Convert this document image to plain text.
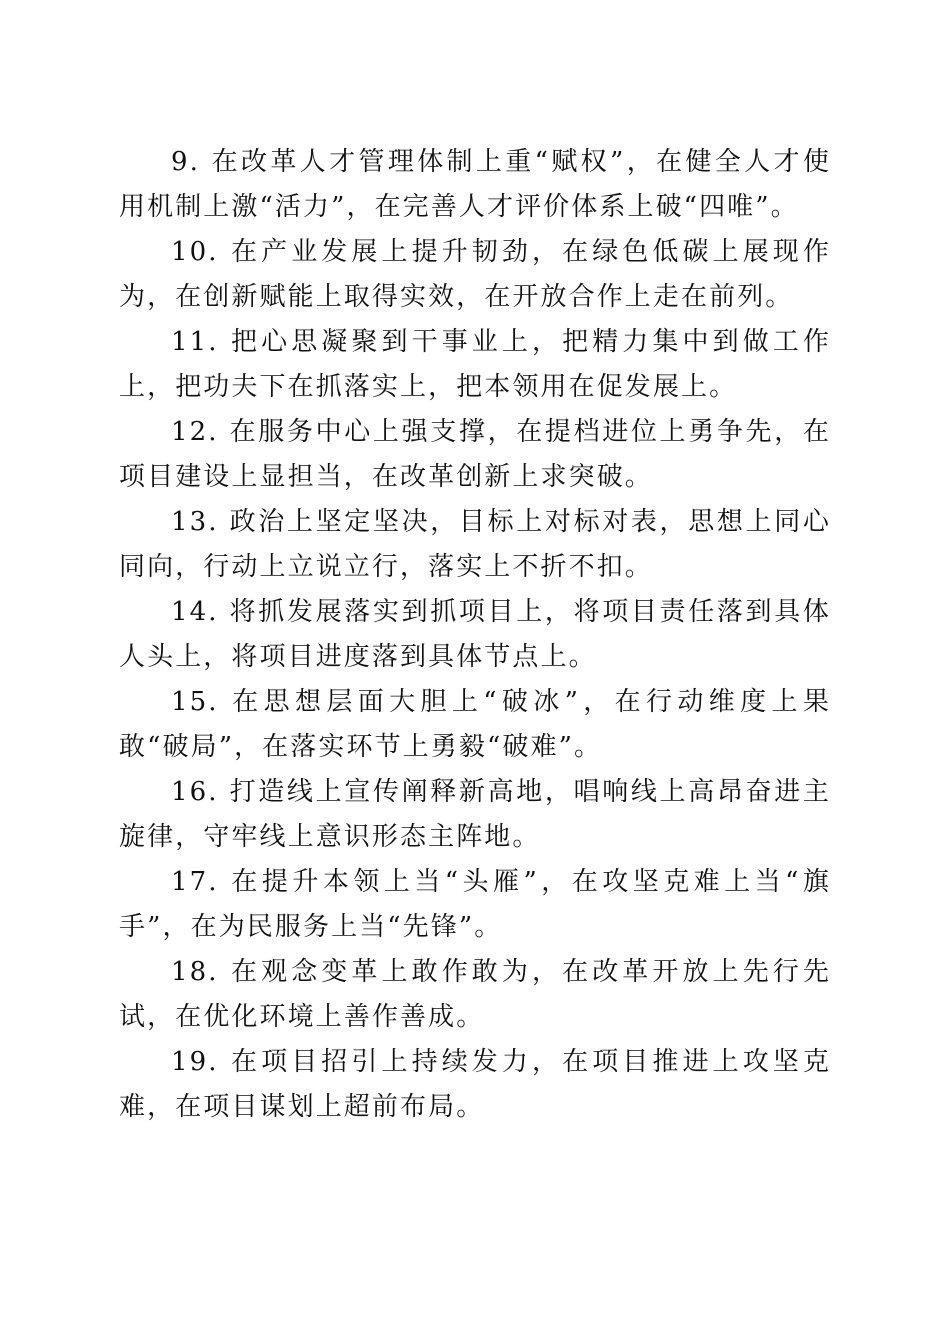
9. 在改革人才管理体制上重“赋权”，在健全人才使用机制上激“活力”，在完善人才评价体系上破“四唯”。

10. 在产业发展上提升韧劲，在绿色低碳上展现作为，在创新赋能上取得实效，在开放合作上走在前列。

11. 把心思凝聚到干事业上，把精力集中到做工作上，把功夫下在抓落实上，把本领用在促发展上。

12. 在服务中心上强支撑，在提档进位上勇争先，在项目建设上显担当，在改革创新上求突破。

13. 政治上坚定坚决，目标上对标对表，思想上同心同向，行动上立说立行，落实上不折不扣。

14. 将抓发展落实到抓项目上，将项目责任落到具体人头上，将项目进度落到具体节点上。

15. 在思想层面大胆上“破冰”，在行动维度上果敢“破局”，在落实环节上勇毅“破难”。

16. 打造线上宣传阐释新高地，唱响线上高昂奋进主旋律，守牢线上意识形态主阵地。

17. 在提升本领上当“头雁”，在攻坚克难上当“旗手”，在为民服务上当“先锋”。

18. 在观念变革上敢作敢为，在改革开放上先行先试，在优化环境上善作善成。

19. 在项目招引上持续发力，在项目推进上攻坚克难，在项目谋划上超前布局。
